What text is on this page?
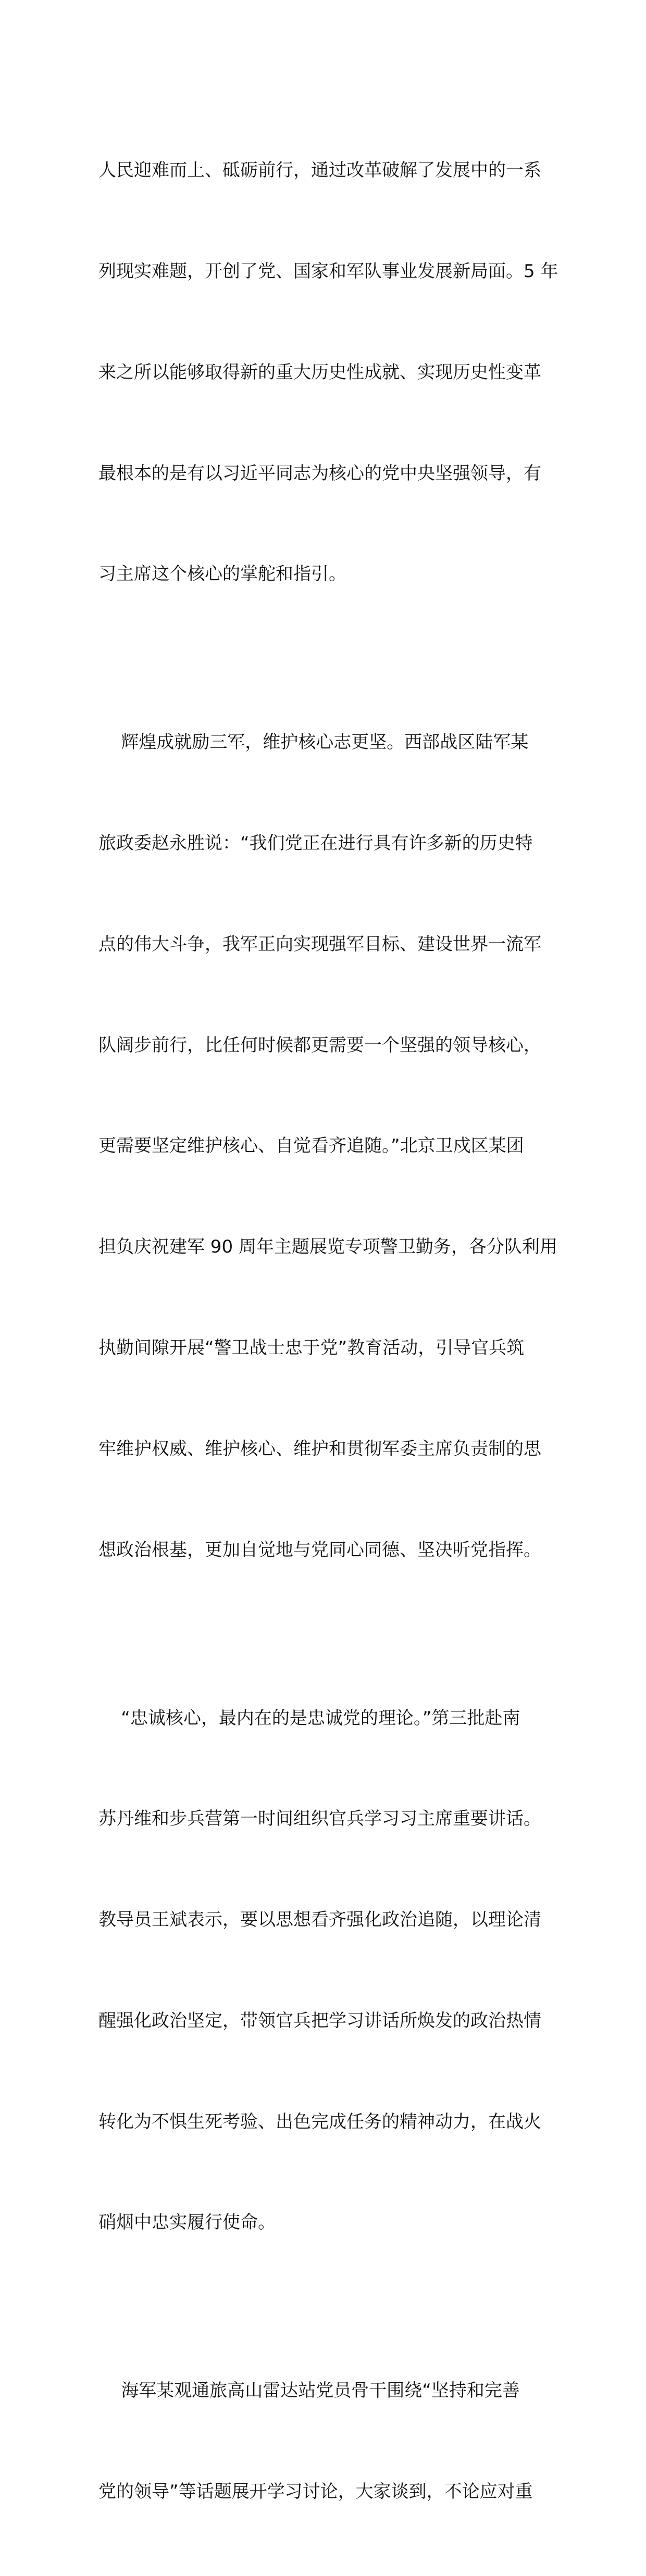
人民迎难而上、砥砺前行，通过改革破解了发展中的一系

列现实难题，开创了党、国家和军队事业发展新局面。5 年

来之所以能够取得新的重大历史性成就、实现历史性变革

最根本的是有以习近平同志为核心的党中央坚强领导，有

习主席这个核心的掌舵和指引。

辉煌成就励三军，维护核心志更坚。西部战区陆军某

旅政委赵永胜说：“我们党正在进行具有许多新的历史特

点的伟大斗争，我军正向实现强军目标、建设世界一流军

队阔步前行，比任何时候都更需要一个坚强的领导核心，

更需要坚定维护核心、自觉看齐追随。”北京卫戍区某团

担负庆祝建军 90 周年主题展览专项警卫勤务，各分队利用

执勤间隙开展“警卫战士忠于党”教育活动，引导官兵筑

牢维护权威、维护核心、维护和贯彻军委主席负责制的思

想政治根基，更加自觉地与党同心同德、坚决听党指挥。

“忠诚核心，最内在的是忠诚党的理论。”第三批赴南

苏丹维和步兵营第一时间组织官兵学习习主席重要讲话。

教导员王斌表示，要以思想看齐强化政治追随，以理论清

醒强化政治坚定，带领官兵把学习讲话所焕发的政治热情

转化为不惧生死考验、出色完成任务的精神动力，在战火

硝烟中忠实履行使命。

海军某观通旅高山雷达站党员骨干围绕“坚持和完善

党的领导”等话题展开学习讨论，大家谈到，不论应对重
